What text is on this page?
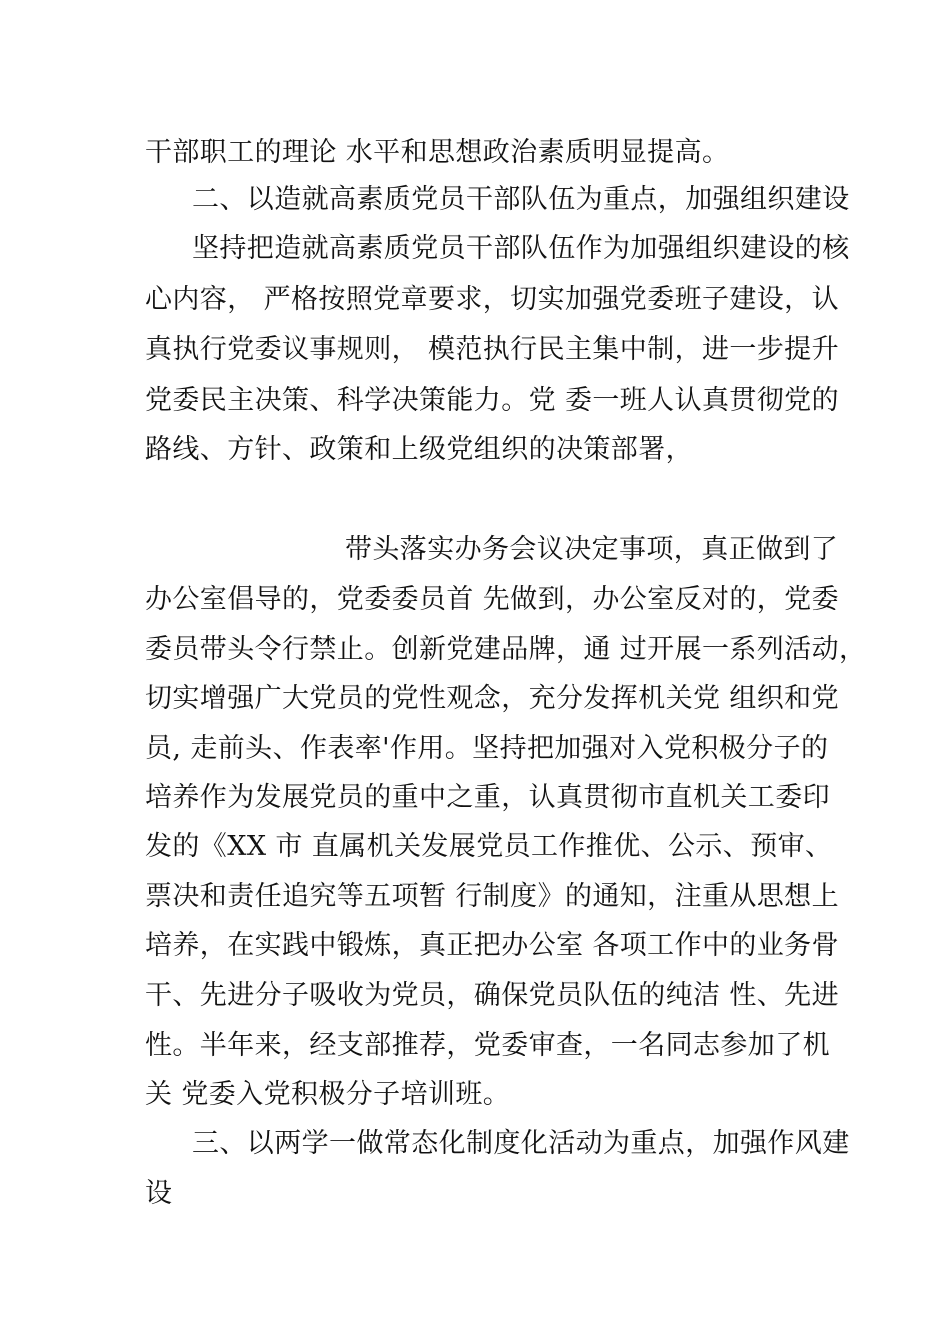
干部职工的理论 水平和思想政治素质明显提高。
二、以造就高素质党员干部队伍为重点，加强组织建设
坚持把造就高素质党员干部队伍作为加强组织建设的核
心内容， 严格按照党章要求，切实加强党委班子建设，认
真执行党委议事规则， 模范执行民主集中制，进一步提升
党委民主决策、科学决策能力。党 委一班人认真贯彻党的
路线、方针、政策和上级党组织的决策部署，
带头落实办务会议决定事项，真正做到了
办公室倡导的，党委委员首 先做到，办公室反对的，党委
委员带头令行禁止。创新党建品牌，通 过开展一系列活动，
切实增强广大党员的党性观念，充分发挥机关党 组织和党
员, 走前头、作表率'作用。坚持把加强对入党积极分子的
培养作为发展党员的重中之重，认真贯彻市直机关工委印
发的《XX 市 直属机关发展党员工作推优、公示、预审、
票决和责任追究等五项暂 行制度》的通知，注重从思想上
培养，在实践中锻炼，真正把办公室 各项工作中的业务骨
干、先进分子吸收为党员，确保党员队伍的纯洁 性、先进
性。半年来，经支部推荐，党委审查，一名同志参加了机
关 党委入党积极分子培训班。
三、以两学一做常态化制度化活动为重点，加强作风建
设
